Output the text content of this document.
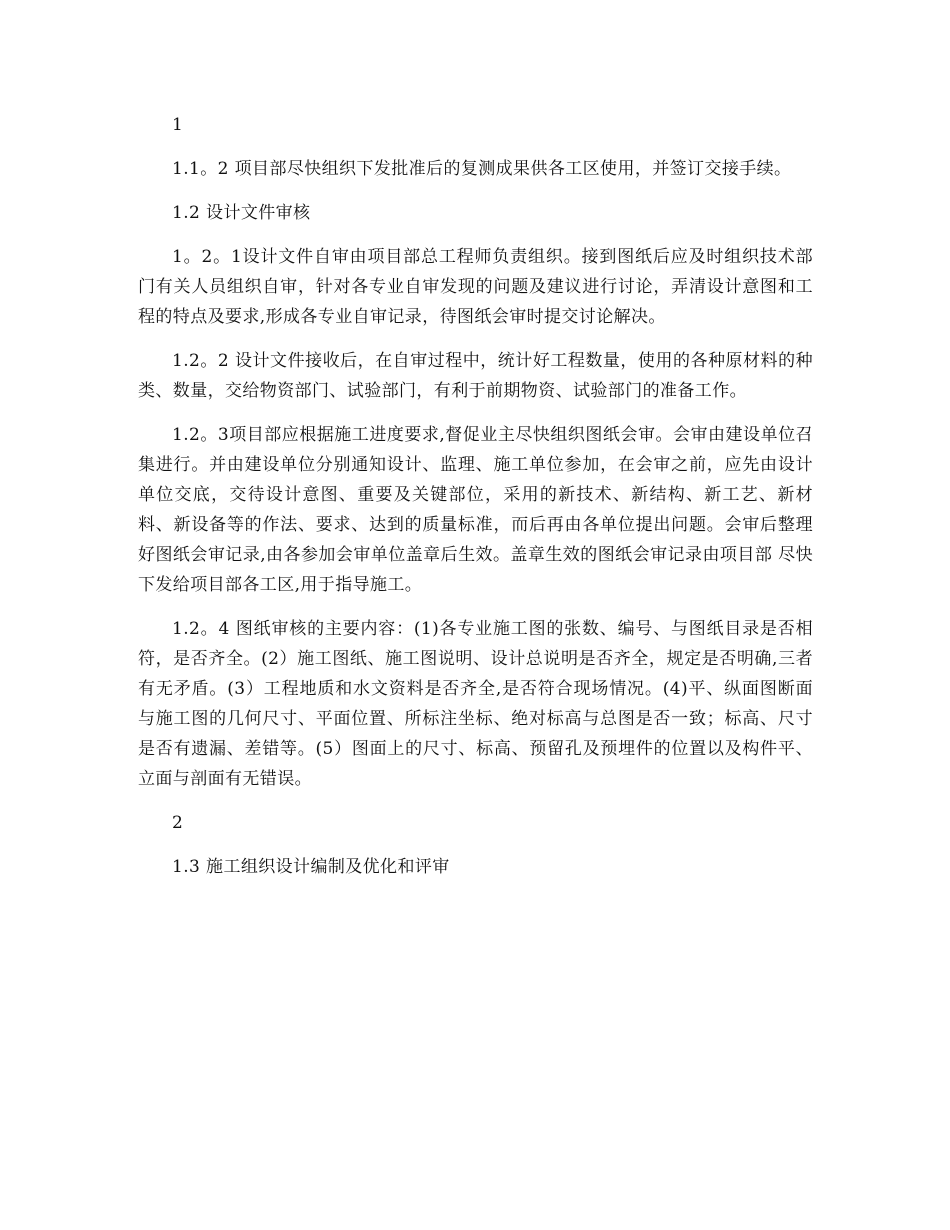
1

1.1。2 项目部尽快组织下发批准后的复测成果供各工区使用，并签订交接手续。

1.2 设计文件审核

1。2。1设计文件自审由项目部总工程师负责组织。接到图纸后应及时组织技术部门有关人员组织自审，针对各专业自审发现的问题及建议进行讨论，弄清设计意图和工程的特点及要求,形成各专业自审记录，待图纸会审时提交讨论解决。

1.2。2 设计文件接收后，在自审过程中，统计好工程数量，使用的各种原材料的种类、数量，交给物资部门、试验部门，有利于前期物资、试验部门的准备工作。

1.2。3项目部应根据施工进度要求,督促业主尽快组织图纸会审。会审由建设单位召集进行。并由建设单位分别通知设计、监理、施工单位参加，在会审之前，应先由设计单位交底，交待设计意图、重要及关键部位，采用的新技术、新结构、新工艺、新材料、新设备等的作法、要求、达到的质量标准，而后再由各单位提出问题。会审后整理好图纸会审记录,由各参加会审单位盖章后生效。盖章生效的图纸会审记录由项目部 尽快下发给项目部各工区,用于指导施工。

1.2。4 图纸审核的主要内容：(1)各专业施工图的张数、编号、与图纸目录是否相符，是否齐全。(2）施工图纸、施工图说明、设计总说明是否齐全，规定是否明确,三者有无矛盾。(3）工程地质和水文资料是否齐全,是否符合现场情况。(4)平、纵面图断面与施工图的几何尺寸、平面位置、所标注坐标、绝对标高与总图是否一致；标高、尺寸是否有遗漏、差错等。(5）图面上的尺寸、标高、预留孔及预埋件的位置以及构件平、立面与剖面有无错误。

2

1.3 施工组织设计编制及优化和评审
